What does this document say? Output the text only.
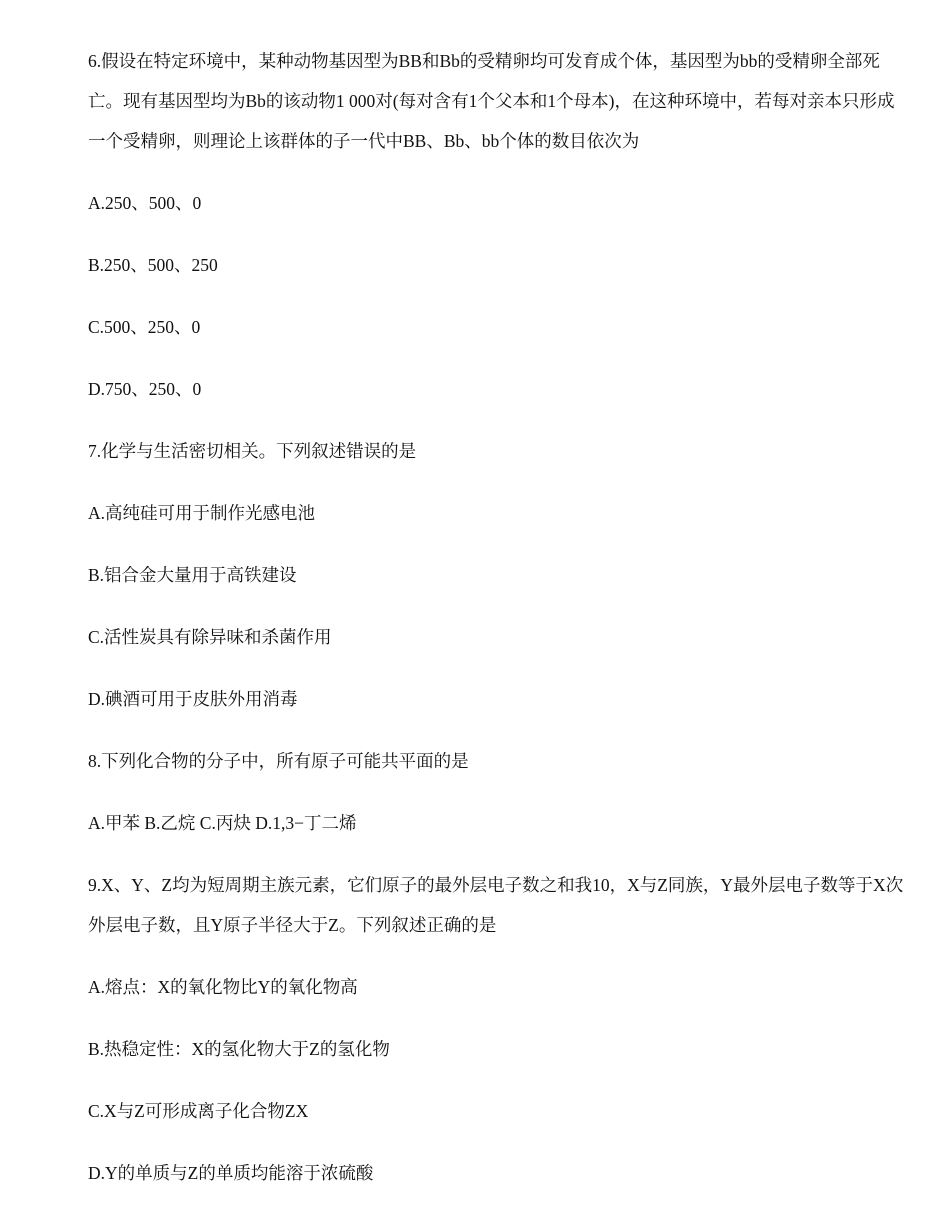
6.假设在特定环境中，某种动物基因型为BB和Bb的受精卵均可发育成个体，基因型为bb的受精卵全部死亡。现有基因型均为Bb的该动物1 000对(每对含有1个父本和1个母本)，在这种环境中，若每对亲本只形成一个受精卵，则理论上该群体的子一代中BB、Bb、bb个体的数目依次为

A.250、500、0

B.250、500、250

C.500、250、0

D.750、250、0

7.化学与生活密切相关。下列叙述错误的是

A.高纯硅可用于制作光感电池

B.铝合金大量用于高铁建设

C.活性炭具有除异味和杀菌作用

D.碘酒可用于皮肤外用消毒

8.下列化合物的分子中，所有原子可能共平面的是

A.甲苯 B.乙烷 C.丙炔 D.1,3−丁二烯

9.X、Y、Z均为短周期主族元素，它们原子的最外层电子数之和我10，X与Z同族，Y最外层电子数等于X次外层电子数，且Y原子半径大于Z。下列叙述正确的是

A.熔点：X的氧化物比Y的氧化物高

B.热稳定性：X的氢化物大于Z的氢化物

C.X与Z可形成离子化合物ZX

D.Y的单质与Z的单质均能溶于浓硫酸
